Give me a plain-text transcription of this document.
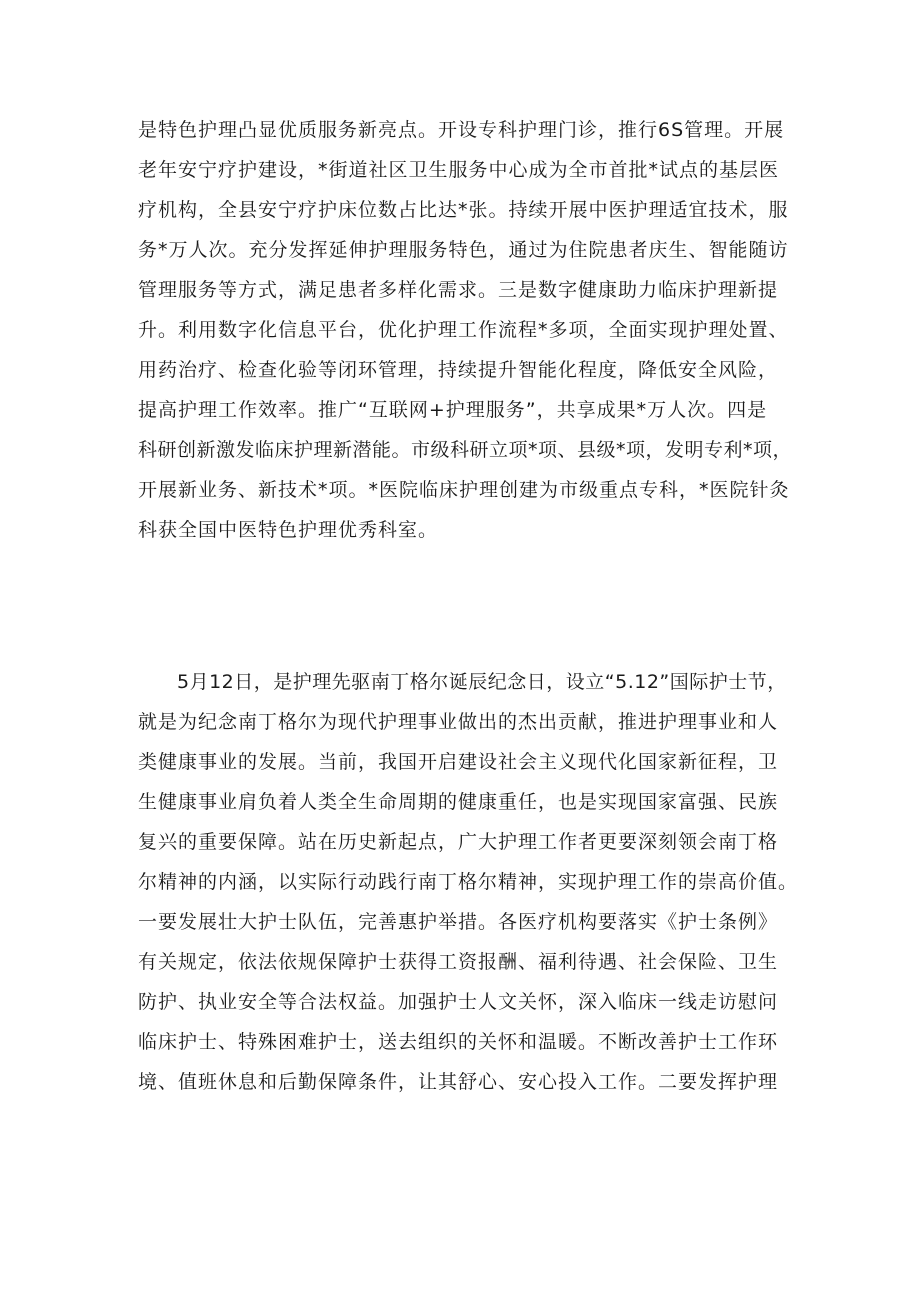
是特色护理凸显优质服务新亮点。开设专科护理门诊，推行6S管理。开展
老年安宁疗护建设，*街道社区卫生服务中心成为全市首批*试点的基层医
疗机构，全县安宁疗护床位数占比达*张。持续开展中医护理适宜技术，服
务*万人次。充分发挥延伸护理服务特色，通过为住院患者庆生、智能随访
管理服务等方式，满足患者多样化需求。三是数字健康助力临床护理新提
升。利用数字化信息平台，优化护理工作流程*多项，全面实现护理处置、
用药治疗、检查化验等闭环管理，持续提升智能化程度，降低安全风险，
提高护理工作效率。推广“互联网+护理服务”，共享成果*万人次。四是
科研创新激发临床护理新潜能。市级科研立项*项、县级*项，发明专利*项，
开展新业务、新技术*项。*医院临床护理创建为市级重点专科，*医院针灸
科获全国中医特色护理优秀科室。
　　5月12日，是护理先驱南丁格尔诞辰纪念日，设立“5.12”国际护士节，
就是为纪念南丁格尔为现代护理事业做出的杰出贡献，推进护理事业和人
类健康事业的发展。当前，我国开启建设社会主义现代化国家新征程，卫
生健康事业肩负着人类全生命周期的健康重任，也是实现国家富强、民族
复兴的重要保障。站在历史新起点，广大护理工作者更要深刻领会南丁格
尔精神的内涵，以实际行动践行南丁格尔精神，实现护理工作的崇高价值。
一要发展壮大护士队伍，完善惠护举措。各医疗机构要落实《护士条例》
有关规定，依法依规保障护士获得工资报酬、福利待遇、社会保险、卫生
防护、执业安全等合法权益。加强护士人文关怀，深入临床一线走访慰问
临床护士、特殊困难护士，送去组织的关怀和温暖。不断改善护士工作环
境、值班休息和后勤保障条件，让其舒心、安心投入工作。二要发挥护理
